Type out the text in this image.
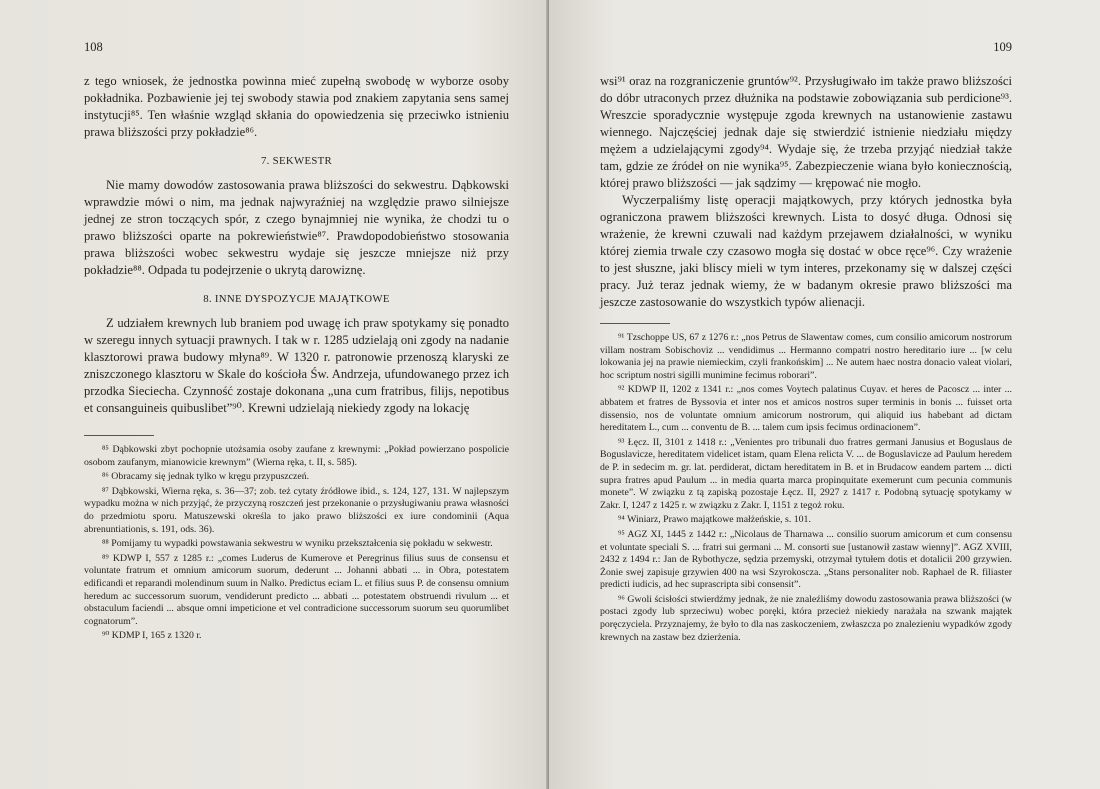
108

z tego wniosek, że jednostka powinna mieć zupełną swobodę w wyborze osoby pokładnika. Pozbawienie jej tej swobody stawia pod znakiem zapytania sens samej instytucji⁸⁵. Ten właśnie wzgląd skłania do opowiedzenia się przeciwko istnieniu prawa bliższości przy pokładzie⁸⁶.

7. SEKWESTR

Nie mamy dowodów zastosowania prawa bliższości do sekwestru. Dąbkowski wprawdzie mówi o nim, ma jednak najwyraźniej na względzie prawo silniejsze jednej ze stron toczących spór, z czego bynajmniej nie wynika, że chodzi tu o prawo bliższości oparte na pokrewieństwie⁸⁷. Prawdopodobieństwo stosowania prawa bliższości wobec sekwestru wydaje się jeszcze mniejsze niż przy pokładzie⁸⁸. Odpada tu podejrzenie o ukrytą darowiznę.

8. INNE DYSPOZYCJE MAJĄTKOWE

Z udziałem krewnych lub braniem pod uwagę ich praw spotykamy się ponadto w szeregu innych sytuacji prawnych. I tak w r. 1285 udzielają oni zgody na nadanie klasztorowi prawa budowy młyna⁸⁹. W 1320 r. patronowie przenoszą klaryski ze zniszczonego klasztoru w Skale do kościoła Św. Andrzeja, ufundowanego przez ich przodka Sieciecha. Czynność zostaje dokonana „una cum fratribus, filijs, nepotibus et consanguineis quibuslibet”⁹⁰. Krewni udzielają niekiedy zgody na lokację

⁸⁵ Dąbkowski zbyt pochopnie utożsamia osoby zaufane z krewnymi: „Pokład powierzano pospolicie osobom zaufanym, mianowicie krewnym” (Wierna ręka, t. II, s. 585).

⁸⁶ Obracamy się jednak tylko w kręgu przypuszczeń.

⁸⁷ Dąbkowski, Wierna ręka, s. 36—37; zob. też cytaty źródłowe ibid., s. 124, 127, 131. W najlepszym wypadku można w nich przyjąć, że przyczyną roszczeń jest przekonanie o przysługiwaniu prawa własności do przedmiotu sporu. Matuszewski określa to jako prawo bliższości ex iure condominii (Aqua abrenuntiationis, s. 191, ods. 36).

⁸⁸ Pomijamy tu wypadki powstawania sekwestru w wyniku przekształcenia się pokładu w sekwestr.

⁸⁹ KDWP I, 557 z 1285 r.: „comes Luderus de Kumerove et Peregrinus filius suus de consensu et voluntate fratrum et omnium amicorum suorum, dederunt ... Johanni abbati ... in Obra, potestatem edificandi et reparandi molendinum suum in Nalko. Predictus eciam L. et filius suus P. de consensu omnium heredum ac successorum suorum, vendiderunt predicto ... abbati ... potestatem obstruendi rivulum ... et obstaculum faciendi ... absque omni impeticione et vel contradicione successorum suorum seu quorumlibet cognatorum”.

⁹⁰ KDMP I, 165 z 1320 r.

109

wsi⁹¹ oraz na rozgraniczenie gruntów⁹². Przysługiwało im także prawo bliższości do dóbr utraconych przez dłużnika na podstawie zobowiązania sub perdicione⁹³. Wreszcie sporadycznie występuje zgoda krewnych na ustanowienie zastawu wiennego. Najczęściej jednak daje się stwierdzić istnienie niedziału między mężem a udzielającymi zgody⁹⁴. Wydaje się, że trzeba przyjąć niedział także tam, gdzie ze źródeł on nie wynika⁹⁵. Zabezpieczenie wiana było koniecznością, której prawo bliższości — jak sądzimy — krępować nie mogło.

Wyczerpaliśmy listę operacji majątkowych, przy których jednostka była ograniczona prawem bliższości krewnych. Lista to dosyć długa. Odnosi się wrażenie, że krewni czuwali nad każdym przejawem działalności, w wyniku której ziemia trwale czy czasowo mogła się dostać w obce ręce⁹⁶. Czy wrażenie to jest słuszne, jaki bliscy mieli w tym interes, przekonamy się w dalszej części pracy. Już teraz jednak wiemy, że w badanym okresie prawo bliższości ma jeszcze zastosowanie do wszystkich typów alienacji.

⁹¹ Tzschoppe US, 67 z 1276 r.: „nos Petrus de Slawentaw comes, cum consilio amicorum nostrorum villam nostram Sobischoviz ... vendidimus ... Hermanno compatri nostro hereditario iure ... [w celu lokowania jej na prawie niemieckim, czyli frankońskim] ... Ne autem haec nostra donacio valeat violari, hoc scriptum nostri sigilli munimine fecimus roborari”.

⁹² KDWP II, 1202 z 1341 r.: „nos comes Voytech palatinus Cuyav. et heres de Pacoscz ... inter ... abbatem et fratres de Byssovia et inter nos et amicos nostros super terminis in bonis ... fuisset orta dissensio, nos de voluntate omnium amicorum nostrorum, qui aliquid ius habebant ad dictam hereditatem L., cum ... conventu de B. ... talem cum ipsis fecimus ordinacionem”.

⁹³ Łęcz. II, 3101 z 1418 r.: „Venientes pro tribunali duo fratres germani Janusius et Boguslaus de Boguslavicze, hereditatem videlicet istam, quam Elena relicta V. ... de Boguslavicze ad Paulum heredem de P. in sedecim m. gr. lat. perdiderat, dictam hereditatem in B. et in Brudacow eandem partem ... dicti supra fratres apud Paulum ... in media quarta marca propinquitate exemerunt cum pecunia communis monete”. W związku z tą zapiską pozostaje Łęcz. II, 2927 z 1417 r. Podobną sytuację spotykamy w Zakr. I, 1247 z 1425 r. w związku z Zakr. I, 1151 z tegoż roku.

⁹⁴ Winiarz, Prawo majątkowe małżeńskie, s. 101.

⁹⁵ AGZ XI, 1445 z 1442 r.: „Nicolaus de Tharnawa ... consilio suorum amicorum et cum consensu et voluntate speciali S. ... fratri sui germani ... M. consorti sue [ustanowił zastaw wienny]”. AGZ XVIII, 2432 z 1494 r.: Jan de Rybothycze, sędzia przemyski, otrzymał tytułem dotis et dotalicii 200 grzywien. Żonie swej zapisuje grzywien 400 na wsi Szyrokoscza. „Stans personaliter nob. Raphael de R. filiaster predicti iudicis, ad hec suprascripta sibi consensit”.

⁹⁶ Gwoli ścisłości stwierdźmy jednak, że nie znaleźliśmy dowodu zastosowania prawa bliższości (w postaci zgody lub sprzeciwu) wobec poręki, która przecież niekiedy narażała na szwank majątek poręczyciela. Przyznajemy, że było to dla nas zaskoczeniem, zwłaszcza po znalezieniu wypadków zgody krewnych na zastaw bez dzierżenia.
